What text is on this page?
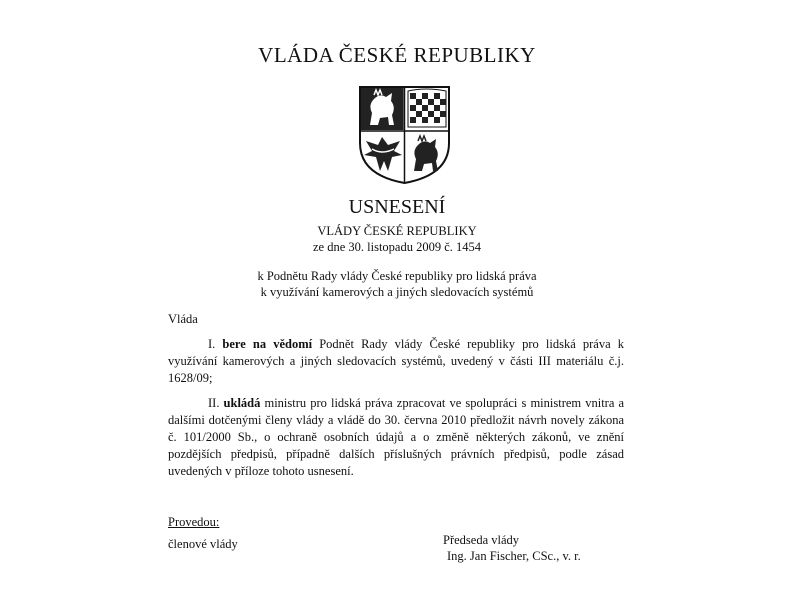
VLÁDA ČESKÉ REPUBLIKY
USNESENÍ
VLÁDY ČESKÉ REPUBLIKY
ze dne 30. listopadu 2009 č. 1454
k Podnětu Rady vlády České republiky pro lidská práva
k využívání kamerových a jiných sledovacích systémů
Vláda
I. bere na vědomí Podnět Rady vlády České republiky pro lidská práva k využívání kamerových a jiných sledovacích systémů, uvedený v části III materiálu č.j. 1628/09;
II. ukládá ministru pro lidská práva zpracovat ve spolupráci s ministrem vnitra a dalšími dotčenými členy vlády a vládě do 30. června 2010 předložit návrh novely zákona č. 101/2000 Sb., o ochraně osobních údajů a o změně některých zákonů, ve znění pozdějších předpisů, případně dalších příslušných právních předpisů, podle zásad uvedených v příloze tohoto usnesení.
Provedou:
členové vlády	Předseda vlády
Ing. Jan Fischer, CSc., v. r.
